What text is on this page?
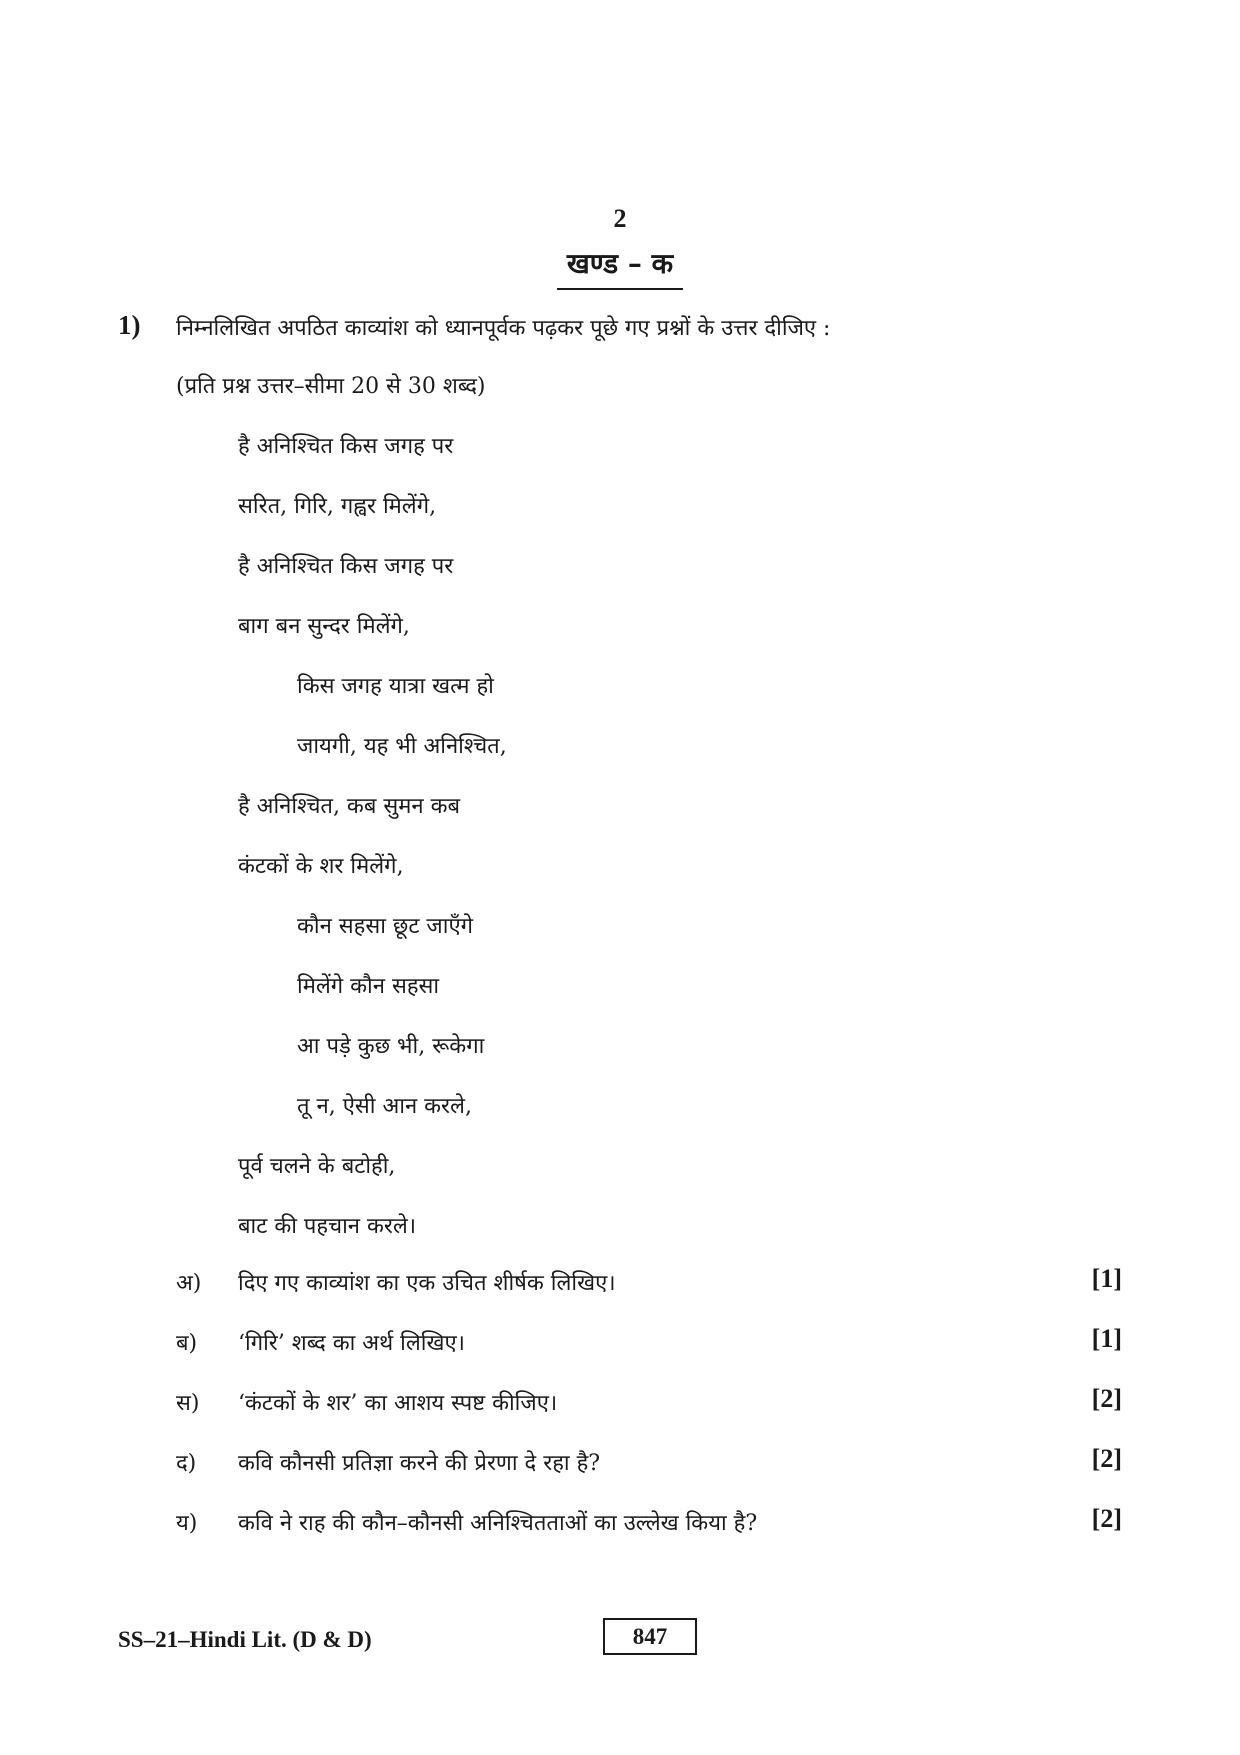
2
खण्ड – क
1) निम्नलिखित अपठित काव्यांश को ध्यानपूर्वक पढ़कर पूछे गए प्रश्नों के उत्तर दीजिए :
(प्रति प्रश्न उत्तर–सीमा 20 से 30 शब्द)
है अनिश्चित किस जगह पर
सरित, गिरि, गह्वर मिलेंगे,
है अनिश्चित किस जगह पर
बाग बन सुन्दर मिलेंगे,
किस जगह यात्रा खत्म हो
जायगी, यह भी अनिश्चित,
है अनिश्चित, कब सुमन कब
कंटकों के शर मिलेंगे,
कौन सहसा छूट जाएँगे
मिलेंगे कौन सहसा
आ पड़े कुछ भी, रूकेगा
तू न, ऐसी आन करले,
पूर्व चलने के बटोही,
बाट की पहचान करले।
अ) दिए गए काव्यांश का एक उचित शीर्षक लिखिए।	[1]
ब) ‘गिरि’ शब्द का अर्थ लिखिए।	[1]
स) ‘कंटकों के शर’ का आशय स्पष्ट कीजिए।	[2]
द) कवि कौनसी प्रतिज्ञा करने की प्रेरणा दे रहा है?	[2]
य) कवि ने राह की कौन–कौनसी अनिश्चितताओं का उल्लेख किया है?	[2]
SS–21–Hindi Lit. (D & D)	847
